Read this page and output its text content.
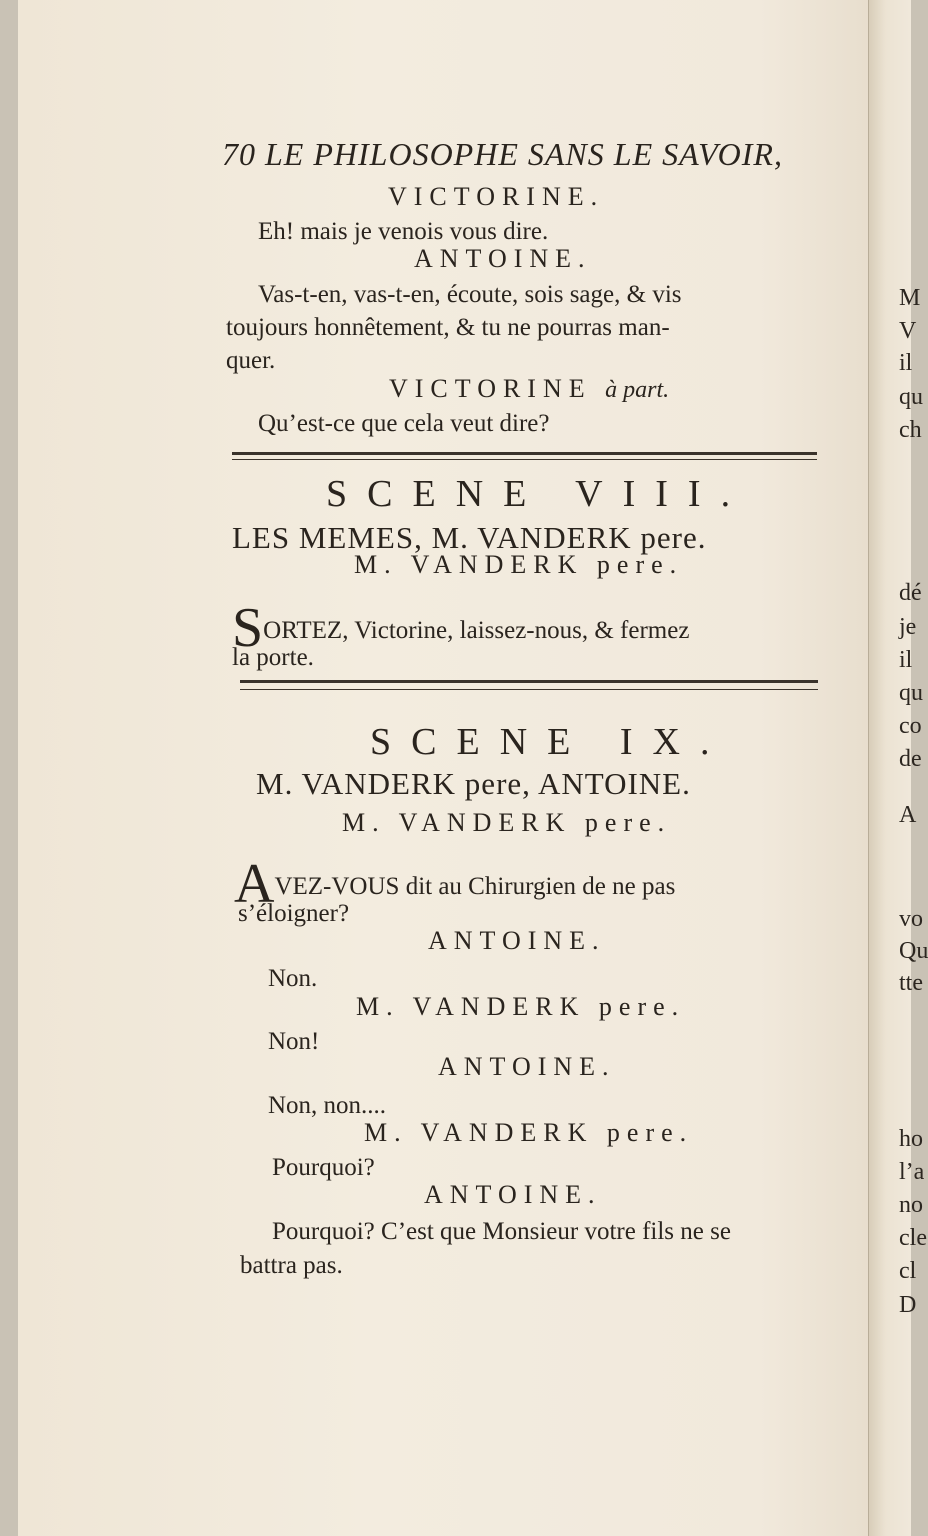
M
V
il
qu
ch
dé
je
il
qu
co
de
A
vo
Qu
tte
ho
l’a
no
cle
cl
D
70 LE PHILOSOPHE SANS LE SAVOIR,
VICTORINE.
Eh! mais je venois vous dire.
ANTOINE.
Vas-t-en, vas-t-en, écoute, sois sage, & vis
toujours honnêtement, & tu ne pourras man-
quer.
VICTORINE à part.
Qu’est-ce que cela veut dire?
SCENE VIII.
LES MEMES, M. VANDERK pere.
M. VANDERK pere.
SORTEZ, Victorine, laissez-nous, & fermez
la porte.
SCENE IX.
M. VANDERK pere, ANTOINE.
M. VANDERK pere.
AVEZ-VOUS dit au Chirurgien de ne pas
s’éloigner?
ANTOINE.
Non.
M. VANDERK pere.
Non!
ANTOINE.
Non, non....
M. VANDERK pere.
Pourquoi?
ANTOINE.
Pourquoi? C’est que Monsieur votre fils ne se
battra pas.
